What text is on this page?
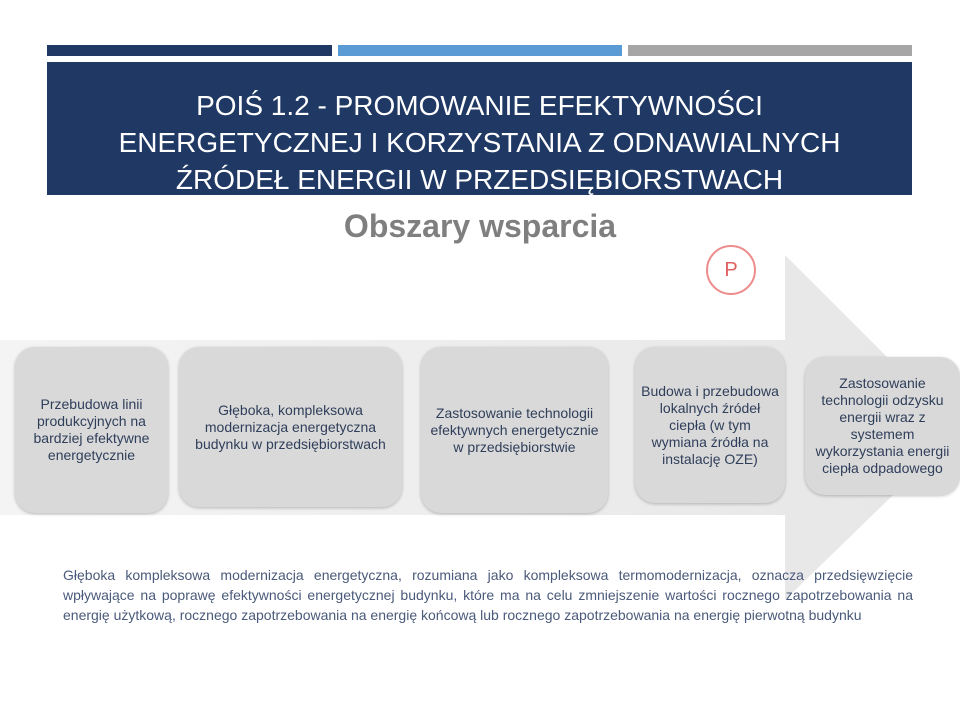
POIŚ 1.2 - PROMOWANIE EFEKTYWNOŚCI ENERGETYCZNEJ I KORZYSTANIA Z ODNAWIALNYCH ŹRÓDEŁ ENERGII W PRZEDSIĘBIORSTWACH
Obszary wsparcia
P
Przebudowa linii produkcyjnych na bardziej efektywne energetycznie
Głęboka, kompleksowa modernizacja energetyczna budynku w przedsiębiorstwach
Zastosowanie technologii efektywnych energetycznie w przedsiębiorstwie
Budowa i przebudowa lokalnych źródeł ciepła (w tym wymiana źródła na instalację OZE)
Zastosowanie technologii odzysku energii wraz z systemem wykorzystania energii ciepła odpadowego
Głęboka kompleksowa modernizacja energetyczna, rozumiana jako kompleksowa termomodernizacja, oznacza przedsięwzięcie wpływające na poprawę efektywności energetycznej budynku, które ma na celu zmniejszenie wartości rocznego zapotrzebowania na energię użytkową, rocznego zapotrzebowania na energię końcową lub rocznego zapotrzebowania na energię pierwotną budynku
